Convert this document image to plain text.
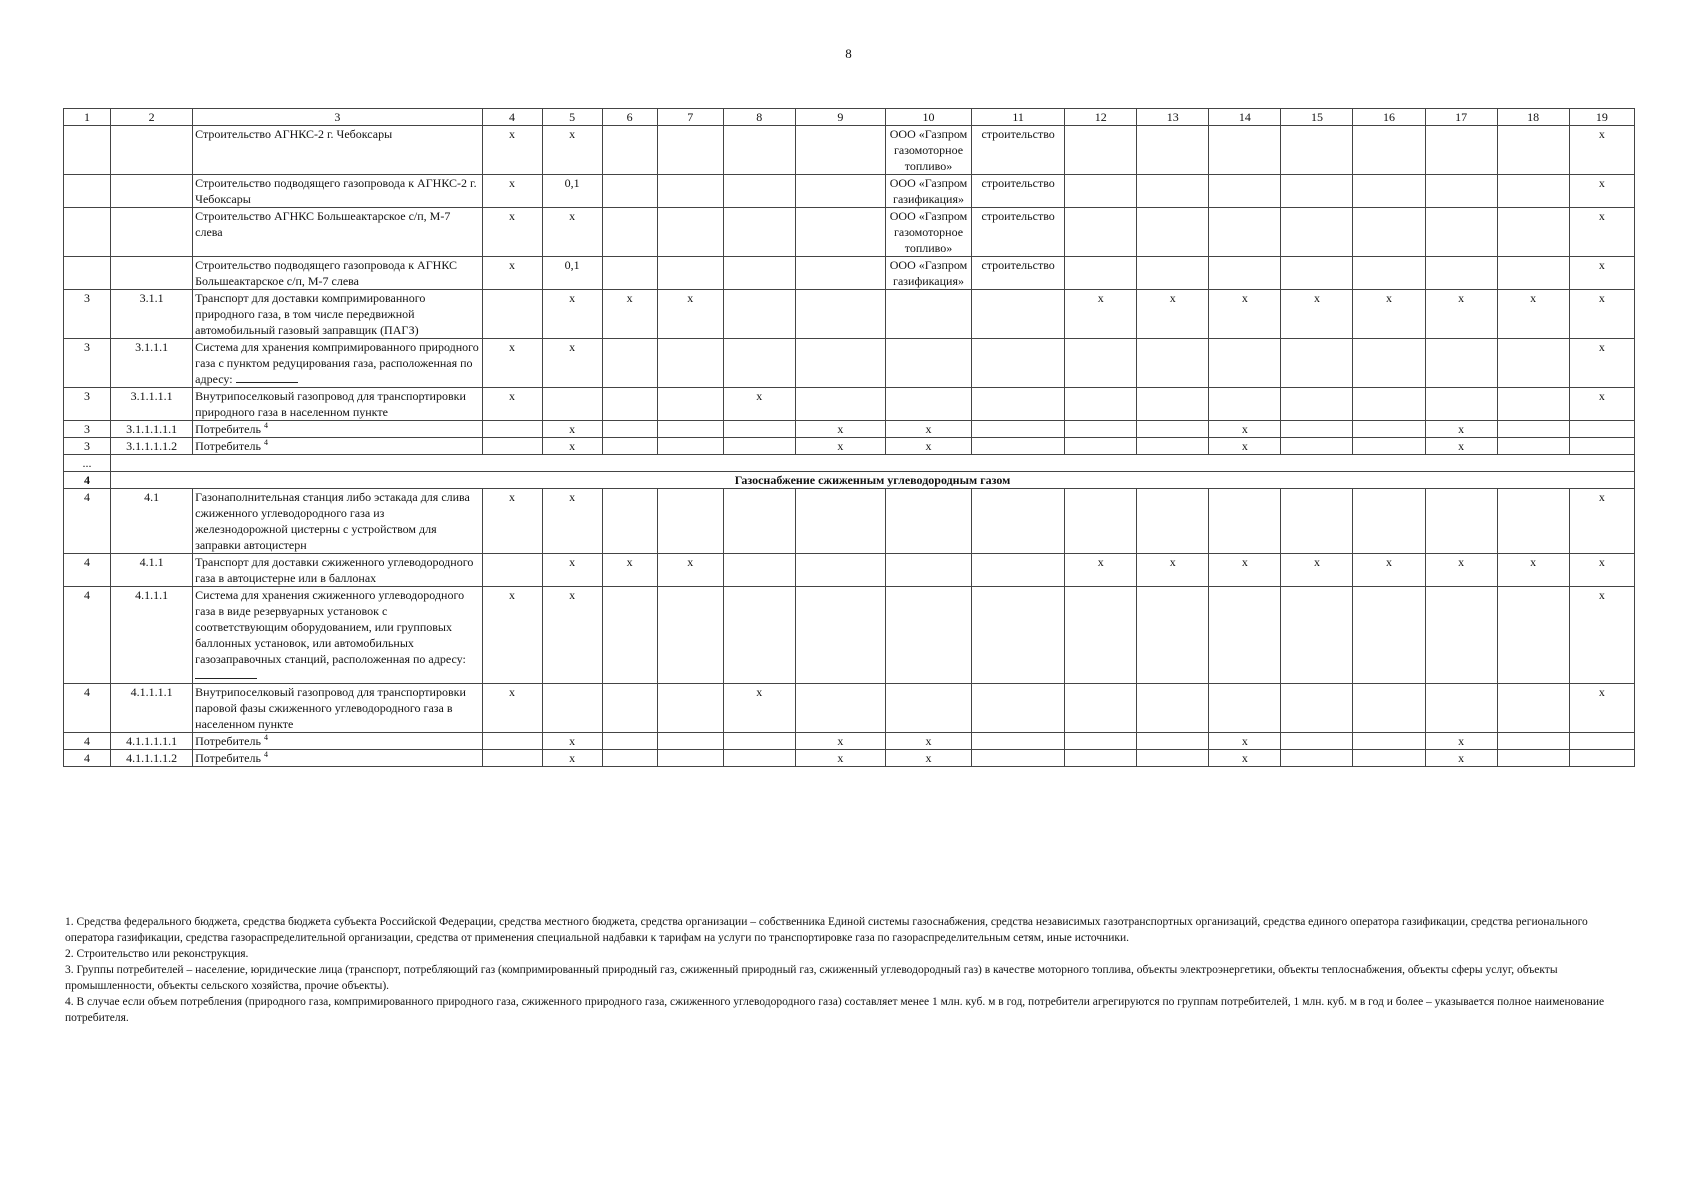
8
1	2	3	4	5	6	7	8	9	10	11	12	13	14	15	16	17	18	19
		Строительство АГНКС-2 г. Чебоксары	x	x					ООО «Газпром газомоторное топливо»	строительство								x
		Строительство подводящего газопровода к АГНКС-2 г. Чебоксары	x	0,1					ООО «Газпром газификация»	строительство								x
		Строительство АГНКС Большеактарское с/п, М-7 слева	x	x					ООО «Газпром газомоторное топливо»	строительство								x
		Строительство подводящего газопровода к АГНКС Большеактарское с/п, М-7 слева	x	0,1					ООО «Газпром газификация»	строительство								x
3	3.1.1	Транспорт для доставки компримированного природного газа, в том числе передвижной автомобильный газовый заправщик (ПАГЗ)		x	x	x					x	x	x	x	x	x	x	x
3	3.1.1.1	Система для хранения компримированного природного газа с пунктом редуцирования газа, расположенная по адресу:	x	x														x
3	3.1.1.1.1	Внутрипоселковый газопровод для транспортировки природного газа в населенном пункте	x				x											x
3	3.1.1.1.1.1	Потребитель $^4$		x				x	x				x			x		
3	3.1.1.1.1.2	Потребитель $^4$		x				x	x				x			x		
...																		
4	Газоснабжение сжиженным углеводородным газом																	
4	4.1	Газонаполнительная станция либо эстакада для слива сжиженного углеводородного газа из железнодорожной цистерны с устройством для заправки автоцистерн	x	x														x
4	4.1.1	Транспорт для доставки сжиженного углеводородного газа в автоцистерне или в баллонах		x	x	x					x	x	x	x	x	x	x	x
4	4.1.1.1	Система для хранения сжиженного углеводородного газа в виде резервуарных установок с соответствующим оборудованием, или групповых баллонных установок, или автомобильных газозаправочных станций, расположенная по адресу:	x	x														x
4	4.1.1.1.1	Внутрипоселковый газопровод для транспортировки паровой фазы сжиженного углеводородного газа в населенном пункте	x				x											x
4	4.1.1.1.1.1	Потребитель $^4$		x				x	x				x			x		
4	4.1.1.1.1.2	Потребитель $^4$		x				x	x				x			x		

1. Средства федерального бюджета, средства бюджета субъекта Российской Федерации, средства местного бюджета, средства организации – собственника Единой системы газоснабжения, средства независимых газотранспортных организаций, средства единого оператора газификации, средства регионального оператора газификации, средства газораспределительной организации, средства от применения специальной надбавки к тарифам на услуги по транспортировке газа по газораспределительным сетям, иные источники.

2. Строительство или реконструкция.

3. Группы потребителей – население, юридические лица (транспорт, потребляющий газ (компримированный природный газ, сжиженный природный газ, сжиженный углеводородный газ) в качестве моторного топлива, объекты электроэнергетики, объекты теплоснабжения, объекты сферы услуг, объекты промышленности, объекты сельского хозяйства, прочие объекты).

4. В случае если объем потребления (природного газа, компримированного природного газа, сжиженного природного газа, сжиженного углеводородного газа) составляет менее 1 млн. куб. м в год, потребители агрегируются по группам потребителей, 1 млн. куб. м в год и более – указывается полное наименование потребителя.
